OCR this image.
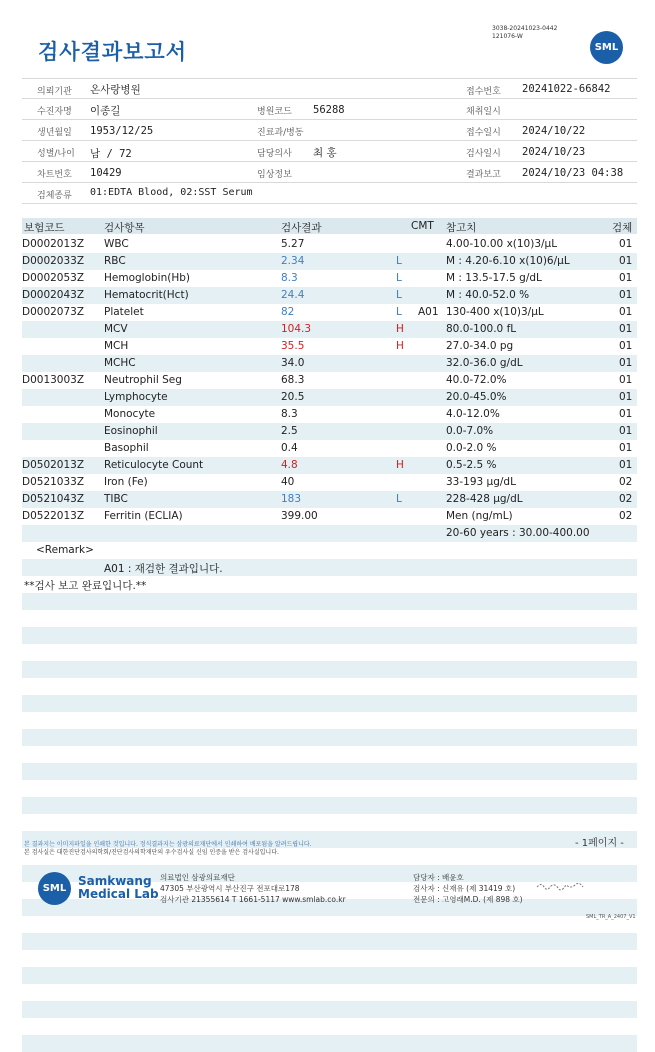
3038-20241023-0442
121076-W
검사결과보고서	SML
의뢰기관 온사랑병원	접수번호 20241022-66842
수진자명 이종길	병원코드 56288	채취일시
생년월일 1953/12/25	진료과/병동	접수일시 2024/10/22
성별/나이 남 / 72	담당의사 최 홍	검사일시 2024/10/23
차트번호 10429	임상정보	결과보고 2024/10/23 04:38
검체종류 01:EDTA Blood, 02:SST Serum
보험코드	검사항목	검사결과	CMT 참고치	검체
D0002013Z WBC	5.27	4.00-10.00 x(10)3/μL	01
D0002033Z RBC	2.34	L	M : 4.20-6.10 x(10)6/μL	01
D0002053Z Hemoglobin(Hb)	8.3	L	M : 13.5-17.5 g/dL	01
D0002043Z Hematocrit(Hct)	24.4	L	M : 40.0-52.0 %	01
D0002073Z Platelet	82	L A01 130-400 x(10)3/μL	01
MCV	104.3	H	80.0-100.0 fL	01
MCH	35.5	H	27.0-34.0 pg	01
MCHC	34.0	32.0-36.0 g/dL	01
D0013003Z Neutrophil Seg	68.3	40.0-72.0%	01
Lymphocyte	20.5	20.0-45.0%	01
Monocyte	8.3	4.0-12.0%	01
Eosinophil	2.5	0.0-7.0%	01
Basophil	0.4	0.0-2.0 %	01
D0502013Z Reticulocyte Count	4.8	H	0.5-2.5 %	01
D0521033Z Iron (Fe)	40	33-193 μg/dL	02
D0521043Z TIBC	183	L	228-428 μg/dL	02
D0522013Z Ferritin (ECLIA)	399.00	Men (ng/mL)	02
20-60 years : 30.00-400.00
<Remark>
A01 : 재검한 결과입니다.
**검사 보고 완료입니다.**
- 1페이지 -
본 결과지는 이미지파일을 인쇄한 것입니다. 정식결과지는 삼광의료재단에서 인쇄하여 배포됨을 알려드립니다.
본 검사실은 대한진단검사의학회/진단검사의학재단의 우수검사실 신임 인증을 받은 검사실입니다.
SML
Samkwang
Medical Lab
의료법인 삼광의료재단
47305 부산광역시 부산진구 전포대로178
검사기관 21355614 T 1661-5117 www.smlab.co.kr
담당자 : 배윤호
검사자 : 신재유 (제 31419 호)
전문의 : 고영래M.D. (제 898 호)
SML_TR_A_2407_V1
